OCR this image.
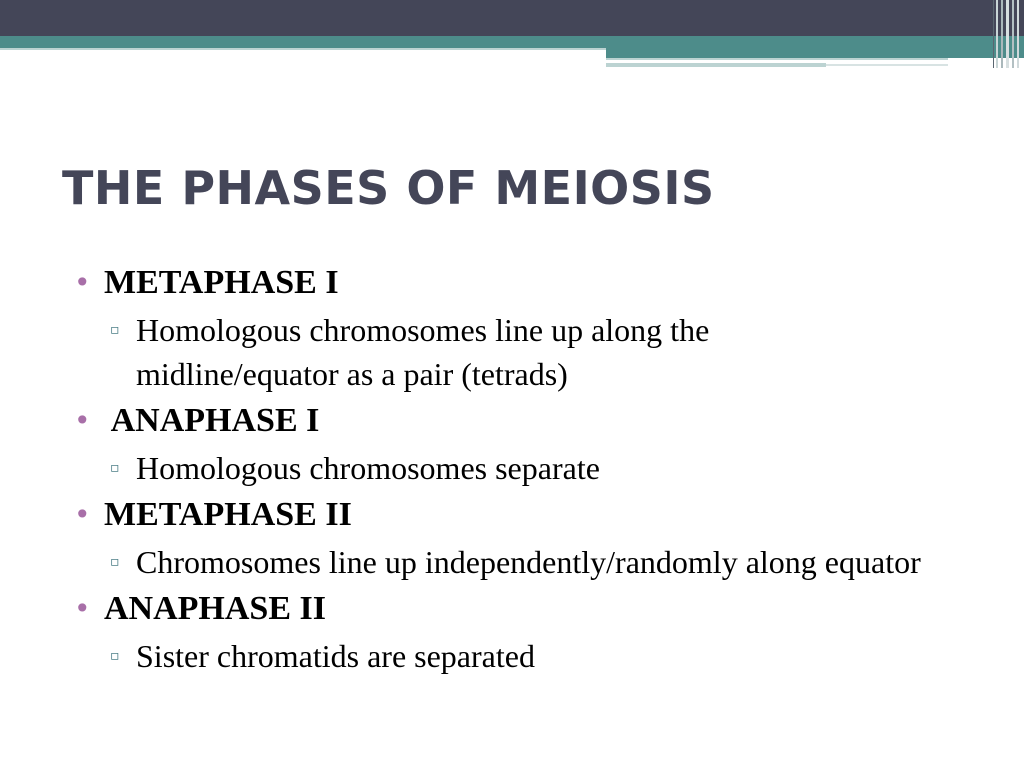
THE PHASES OF MEIOSIS
• METAPHASE I
▫ Homologous chromosomes line up along the midline/equator as a pair (tetrads)
• ANAPHASE I
▫ Homologous chromosomes separate
• METAPHASE II
▫ Chromosomes line up independently/randomly along equator
• ANAPHASE II
▫ Sister chromatids are separated
